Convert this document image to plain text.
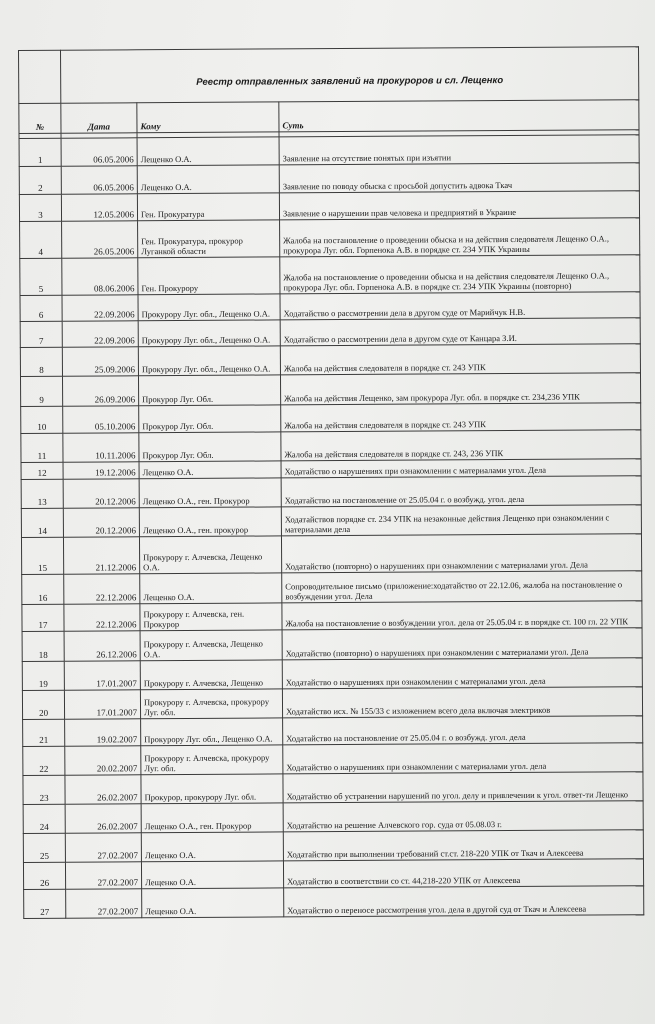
	Реестр отправленных заявлений на прокуроров и сл. Лещенко		
№	Дата	Кому	Суть

1	06.05.2006	Лещенко О.А.	Заявление на отсутствие понятых при изъятии
2	06.05.2006	Лещенко О.А.	Заявление по поводу обыска с просьбой допустить адвока Ткач
3	12.05.2006	Ген. Прокуратура	Заявление о нарушении прав человека и предприятий в Украине
4	26.05.2006	Ген. Прокуратура, прокурор Луганкой области	Жалоба на постановление о проведении обыска и на действия следователя Лещенко О.А., прокурора Луг. обл. Горпенока А.В. в порядке ст. 234 УПК Украины
5	08.06.2006	Ген. Прокурору	Жалоба на постановление о проведении обыска и на действия следователя Лещенко О.А., прокурора Луг. обл. Горпенока А.В. в порядке ст. 234 УПК Украины (повторно)
6	22.09.2006	Прокурору Луг. обл., Лещенко О.А.	Ходатайство о рассмотрении дела в другом суде от Марийчук Н.В.
7	22.09.2006	Прокурору Луг. обл., Лещенко О.А.	Ходатайство о рассмотрении дела в другом суде от Канцара З.И.
8	25.09.2006	Прокурору Луг. обл., Лещенко О.А.	Жалоба на действия следователя в порядке ст. 243 УПК
9	26.09.2006	Прокурор Луг. Обл.	Жалоба на действия Лещенко, зам прокурора Луг. обл. в порядке ст. 234,236 УПК
10	05.10.2006	Прокурор Луг. Обл.	Жалоба на действия следователя в порядке ст. 243 УПК
11	10.11.2006	Прокурор Луг. Обл.	Жалоба на действия следователя в порядке ст. 243, 236 УПК
12	19.12.2006	Лещенко О.А.	Ходатайство о нарушениях при ознакомлении с материалами угол. Дела
13	20.12.2006	Лещенко О.А., ген. Прокурор	Ходатайство на постановление от 25.05.04 г. о возбужд. угол. дела
14	20.12.2006	Лещенко О.А., ген. прокурор	Ходатайствов порядке ст. 234 УПК на незаконные действия Лещенко при ознакомлении с материалами дела
15	21.12.2006	Прокурору г. Алчевска, Лещенко О.А.	Ходатайство (повторно) о нарушениях при ознакомлении с материалами угол. Дела
16	22.12.2006	Лещенко О.А.	Сопроводительное письмо (приложение:ходатайство от 22.12.06, жалоба на постановление о возбуждении угол. Дела
17	22.12.2006	Прокурору г. Алчевска, ген. Прокурор	Жалоба на постановление о возбуждении угол. дела от 25.05.04 г. в порядке ст. 100 гл. 22 УПК
18	26.12.2006	Прокурору г. Алчевска, Лещенко О.А.	Ходатайство (повторно) о нарушениях при ознакомлении с материалами угол. Дела
19	17.01.2007	Прокурору г. Алчевска, Лещенко	Ходатайство о нарушениях при ознакомлении с материалами угол. дела
20	17.01.2007	Прокурору г. Алчевска, прокурору Луг. обл.	Ходатайство исх. № 155/33 с изложением всего дела включая электриков
21	19.02.2007	Прокурору Луг. обл., Лещенко О.А.	Ходатайство на постановление от 25.05.04 г. о возбужд. угол. дела
22	20.02.2007	Прокурору г. Алчевска, прокурору Луг. обл.	Ходатайство о нарушениях при ознакомлении с материалами угол. дела
23	26.02.2007	Прокурор, прокурору Луг. обл.	Ходатайство об устранении нарушений по угол. делу и привлечении к угол. ответ-ти Лещенко
24	26.02.2007	Лещенко О.А., ген. Прокурор	Ходатайство на решение Алчевского гор. суда от 05.08.03 г.
25	27.02.2007	Лещенко О.А.	Ходатайство при выполнении требований ст.ст. 218-220 УПК от Ткач и Алексеева
26	27.02.2007	Лещенко О.А.	Ходатайство в соответствии со ст. 44,218-220 УПК от Алексеева
27	27.02.2007	Лещенко О.А.	Ходатайство о переносе рассмотрения угол. дела в другой суд от Ткач и Алексеева
